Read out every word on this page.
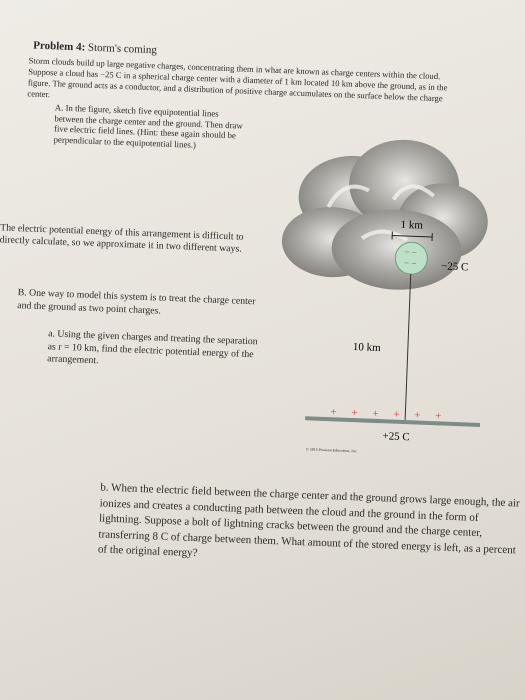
Problem 4: Storm's coming
Storm clouds build up large negative charges, concentrating them in what are known as charge centers within the cloud. Suppose a cloud has −25 C in a spherical charge center with a diameter of 1 km located 10 km above the ground, as in the figure. The ground acts as a conductor, and a distribution of positive charge accumulates on the surface below the charge center.
A. In the figure, sketch five equipotential lines between the charge center and the ground. Then draw five electric field lines. (Hint: these again should be perpendicular to the equipotential lines.)
The electric potential energy of this arrangement is difficult to directly calculate, so we approximate it in two different ways.
B. One way to model this system is to treat the charge center and the ground as two point charges.
a. Using the given charges and treating the separation as r = 10 km, find the electric potential energy of the arrangement.
b. When the electric field between the charge center and the ground grows large enough, the air ionizes and creates a conducting path between the cloud and the ground in the form of lightning. Suppose a bolt of lightning cracks between the ground and the charge center, transferring 8 C of charge between them. What amount of the stored energy is left, as a percent of the original energy?
1 km
− −
− − −25 C
10 km
+ + + + + +
+25 C
© 2015 Pearson Education, Inc.
